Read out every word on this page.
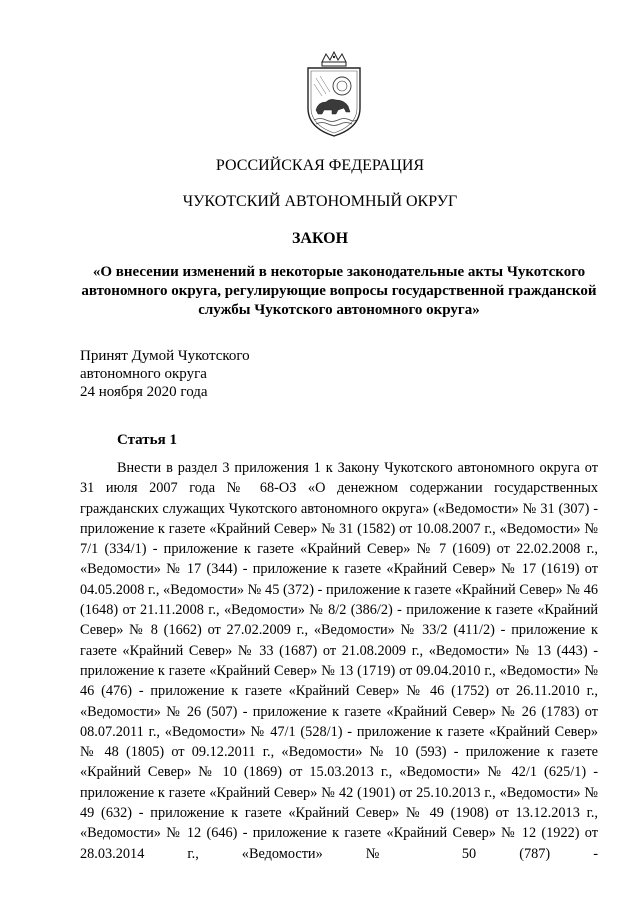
РОССИЙСКАЯ ФЕДЕРАЦИЯ

ЧУКОТСКИЙ АВТОНОМНЫЙ ОКРУГ

ЗАКОН

«О внесении изменений в некоторые законодательные акты Чукотского автономного округа, регулирующие вопросы государственной гражданской службы Чукотского автономного округа»

Принят Думой Чукотского
автономного округа
24 ноября 2020 года

Статья 1

Внести в раздел 3 приложения 1 к Закону Чукотского автономного округа от 31 июля 2007 года № 68-ОЗ «О денежном содержании государственных гражданских служащих Чукотского автономного округа» («Ведомости» № 31 (307) - приложение к газете «Крайний Север» № 31 (1582) от 10.08.2007 г., «Ведомости» № 7/1 (334/1) - приложение к газете «Крайний Север» № 7 (1609) от 22.02.2008 г., «Ведомости» № 17 (344) - приложение к газете «Крайний Север» № 17 (1619) от 04.05.2008 г., «Ведомости» № 45 (372) - приложение к газете «Крайний Север» № 46 (1648) от 21.11.2008 г., «Ведомости» № 8/2 (386/2) - приложение к газете «Крайний Север» № 8 (1662) от 27.02.2009 г., «Ведомости» № 33/2 (411/2) - приложение к газете «Крайний Север» № 33 (1687) от 21.08.2009 г., «Ведомости» № 13 (443) - приложение к газете «Крайний Север» № 13 (1719) от 09.04.2010 г., «Ведомости» № 46 (476) - приложение к газете «Крайний Север» № 46 (1752) от 26.11.2010 г., «Ведомости» № 26 (507) - приложение к газете «Крайний Север» № 26 (1783) от 08.07.2011 г., «Ведомости» № 47/1 (528/1) - приложение к газете «Крайний Север» № 48 (1805) от 09.12.2011 г., «Ведомости» № 10 (593) - приложение к газете «Крайний Север» № 10 (1869) от 15.03.2013 г., «Ведомости» № 42/1 (625/1) - приложение к газете «Крайний Север» № 42 (1901) от 25.10.2013 г., «Ведомости» № 49 (632) - приложение к газете «Крайний Север» № 49 (1908) от 13.12.2013 г., «Ведомости» № 12 (646) - приложение к газете «Крайний Север» № 12 (1922) от 28.03.2014 г., «Ведомости» № 50 (787) -
